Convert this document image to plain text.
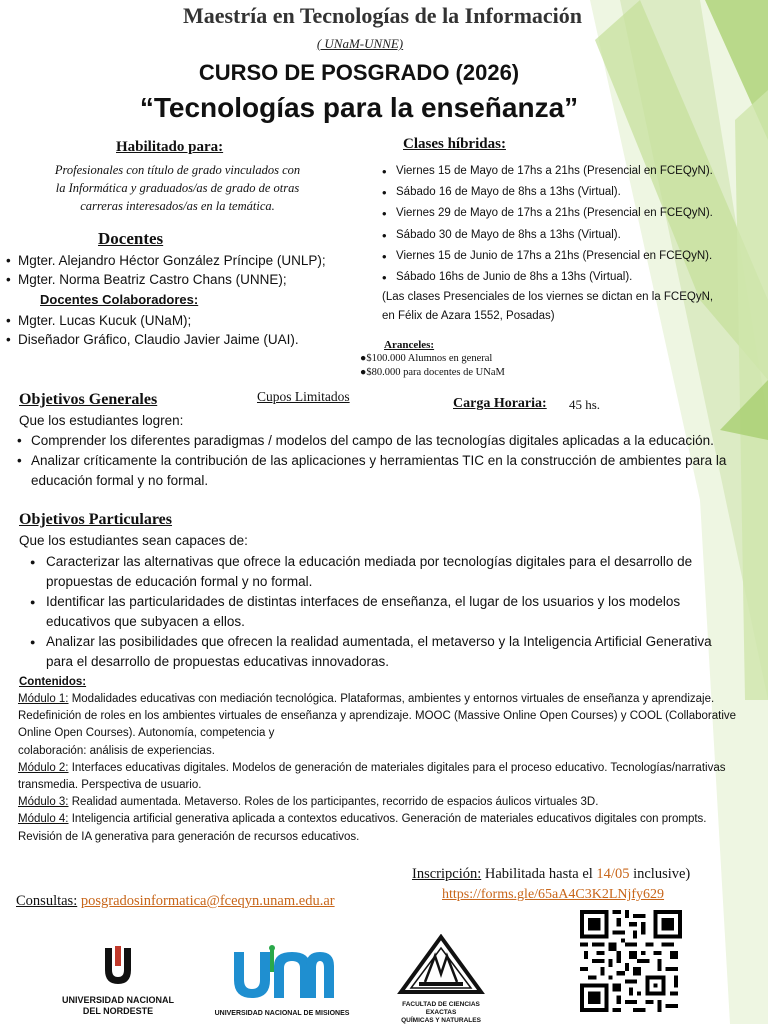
Maestría en Tecnologías de la Información
( UNaM-UNNE)
CURSO DE POSGRADO (2026)
“Tecnologías para la enseñanza”
Habilitado para:
Profesionales con título de grado vinculados con
la Informática y graduados/as de grado de otras
carreras interesados/as en la temática.
Docentes
• Mgter. Alejandro Héctor González Príncipe (UNLP);
• Mgter. Norma Beatriz Castro Chans (UNNE);
Docentes Colaboradores:
• Mgter. Lucas Kucuk (UNaM);
• Diseñador Gráfico, Claudio Javier Jaime (UAI).
Clases híbridas:
• Viernes 15 de Mayo de 17hs a 21hs (Presencial en FCEQyN).
• Sábado 16 de Mayo de 8hs a 13hs (Virtual).
• Viernes 29 de Mayo de 17hs a 21hs (Presencial en FCEQyN).
• Sábado 30 de Mayo de 8hs a 13hs (Virtual).
• Viernes 15 de Junio de 17hs a 21hs (Presencial en FCEQyN).
• Sábado 16hs de Junio de 8hs a 13hs (Virtual).
(Las clases Presenciales de los viernes se dictan en la FCEQyN,
en Félix de Azara 1552, Posadas)
Aranceles:
●$100.000 Alumnos en general
●$80.000 para docentes de UNaM
Objetivos Generales	Cupos Limitados	Carga Horaria: 45 hs.
Que los estudiantes logren:
• Comprender los diferentes paradigmas / modelos del campo de las tecnologías digitales aplicadas a la educación.
• Analizar críticamente la contribución de las aplicaciones y herramientas TIC en la construcción de ambientes para la educación formal y no formal.
Objetivos Particulares
Que los estudiantes sean capaces de:
● Caracterizar las alternativas que ofrece la educación mediada por tecnologías digitales para el desarrollo de propuestas de educación formal y no formal.
● Identificar las particularidades de distintas interfaces de enseñanza, el lugar de los usuarios y los modelos educativos que subyacen a ellos.
● Analizar las posibilidades que ofrecen la realidad aumentada, el metaverso y la Inteligencia Artificial Generativa para el desarrollo de propuestas educativas innovadoras.
Contenidos:
Módulo 1: Modalidades educativas con mediación tecnológica. Plataformas, ambientes y entornos virtuales de enseñanza y aprendizaje. Redefinición de roles en los ambientes virtuales de enseñanza y aprendizaje. MOOC (Massive Online Open Courses) y COOL (Collaborative Online Open Courses). Autonomía, competencia y
colaboración: análisis de experiencias.
Módulo 2: Interfaces educativas digitales. Modelos de generación de materiales digitales para el proceso educativo. Tecnologías/narrativas transmedia. Perspectiva de usuario.
Módulo 3: Realidad aumentada. Metaverso. Roles de los participantes, recorrido de espacios áulicos virtuales 3D.
Módulo 4: Inteligencia artificial generativa aplicada a contextos educativos. Generación de materiales educativos digitales con prompts. Revisión de IA generativa para generación de recursos educativos.
Inscripción: Habilitada hasta el 14/05 inclusive)
https://forms.gle/65aA4C3K2LNjfy629
Consultas: posgradosinformatica@fceqyn.unam.edu.ar
UNIVERSIDAD NACIONAL
DEL NORDESTE	UNIVERSIDAD NACIONAL DE MISIONES
FACULTAD DE CIENCIAS EXACTAS
QUÍMICAS Y NATURALES
